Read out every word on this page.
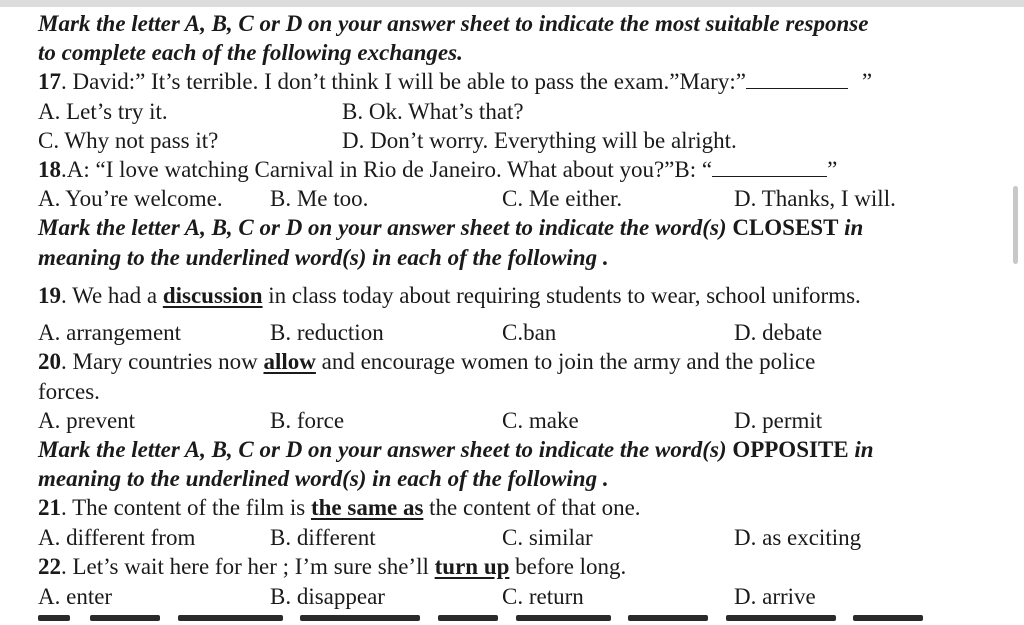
Mark the letter A, B, C or D on your answer sheet to indicate the most suitable response
to complete each of the following exchanges.
17. David:” It’s terrible. I don’t think I will be able to pass the exam.”Mary:”	”
A. Let’s try it.	B. Ok. What’s that?
C. Why not pass it?	D. Don’t worry. Everything will be alright.
18.A: “I love watching Carnival in Rio de Janeiro. What about you?”B: “	”
A. You’re welcome. B. Me too.	C. Me either.	D. Thanks, I will.
Mark the letter A, B, C or D on your answer sheet to indicate the word(s) CLOSEST in
meaning to the underlined word(s) in each of the following .
19. We had a discussion in class today about requiring students to wear, school uniforms.
A. arrangement	B. reduction	C.ban	D. debate
20. Mary countries now allow and encourage women to join the army and the police
forces.
A. prevent	B. force	C. make	D. permit
Mark the letter A, B, C or D on your answer sheet to indicate the word(s) OPPOSITE in
meaning to the underlined word(s) in each of the following .
21. The content of the film is the same as the content of that one.
A. different from	B. different	C. similar	D. as exciting
22. Let’s wait here for her ; I’m sure she’ll turn up before long.
A. enter	B. disappear	C. return	D. arrive
